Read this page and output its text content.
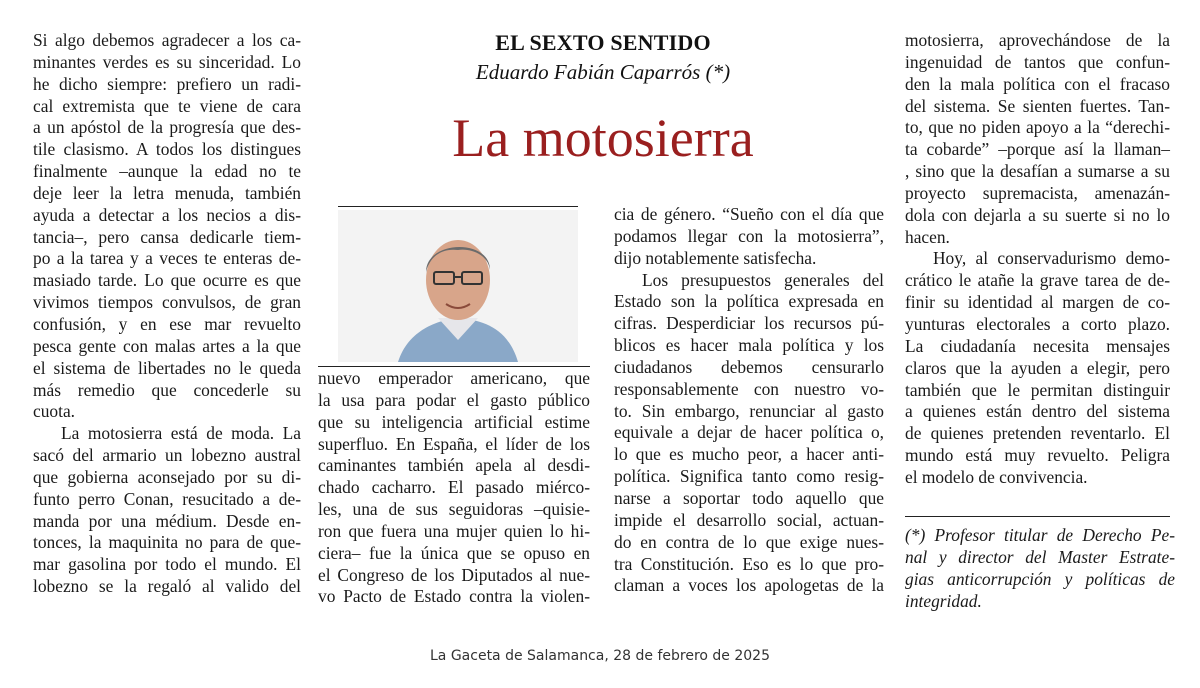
EL SEXTO SENTIDO
Eduardo Fabián Caparrós (*)
La motosierra
Si algo debemos agradecer a los ca-
minantes verdes es su sinceridad. Lo
he dicho siempre: prefiero un radi-
cal extremista que te viene de cara
a un apóstol de la progresía que des-
tile clasismo. A todos los distingues
finalmente –aunque la edad no te
deje leer la letra menuda, también
ayuda a detectar a los necios a dis-
tancia–, pero cansa dedicarle tiem-
po a la tarea y a veces te enteras de-
masiado tarde. Lo que ocurre es que
vivimos tiempos convulsos, de gran
confusión, y en ese mar revuelto
pesca gente con malas artes a la que
el sistema de libertades no le queda
más remedio que concederle su
cuota.
La motosierra está de moda. La
sacó del armario un lobezno austral
que gobierna aconsejado por su di-
funto perro Conan, resucitado a de-
manda por una médium. Desde en-
tonces, la maquinita no para de que-
mar gasolina por todo el mundo. El
lobezno se la regaló al valido del
nuevo emperador americano, que
la usa para podar el gasto público
que su inteligencia artificial estime
superfluo. En España, el líder de los
caminantes también apela al desdi-
chado cacharro. El pasado miérco-
les, una de sus seguidoras –quisie-
ron que fuera una mujer quien lo hi-
ciera– fue la única que se opuso en
el Congreso de los Diputados al nue-
vo Pacto de Estado contra la violen-
cia de género. “Sueño con el día que
podamos llegar con la motosierra”,
dijo notablemente satisfecha.
Los presupuestos generales del
Estado son la política expresada en
cifras. Desperdiciar los recursos pú-
blicos es hacer mala política y los
ciudadanos debemos censurarlo
responsablemente con nuestro vo-
to. Sin embargo, renunciar al gasto
equivale a dejar de hacer política o,
lo que es mucho peor, a hacer anti-
política. Significa tanto como resig-
narse a soportar todo aquello que
impide el desarrollo social, actuan-
do en contra de lo que exige nues-
tra Constitución. Eso es lo que pro-
claman a voces los apologetas de la
motosierra, aprovechándose de la
ingenuidad de tantos que confun-
den la mala política con el fracaso
del sistema. Se sienten fuertes. Tan-
to, que no piden apoyo a la “derechi-
ta cobarde” –porque así la llaman–
, sino que la desafían a sumarse a su
proyecto supremacista, amenazán-
dola con dejarla a su suerte si no lo
hacen.
Hoy, al conservadurismo demo-
crático le atañe la grave tarea de de-
finir su identidad al margen de co-
yunturas electorales a corto plazo.
La ciudadanía necesita mensajes
claros que la ayuden a elegir, pero
también que le permitan distinguir
a quienes están dentro del sistema
de quienes pretenden reventarlo. El
mundo está muy revuelto. Peligra
el modelo de convivencia.
(*) Profesor titular de Derecho Pe-
nal y director del Master Estrate-
gias anticorrupción y políticas de
integridad.
La Gaceta de Salamanca, 28 de febrero de 2025
